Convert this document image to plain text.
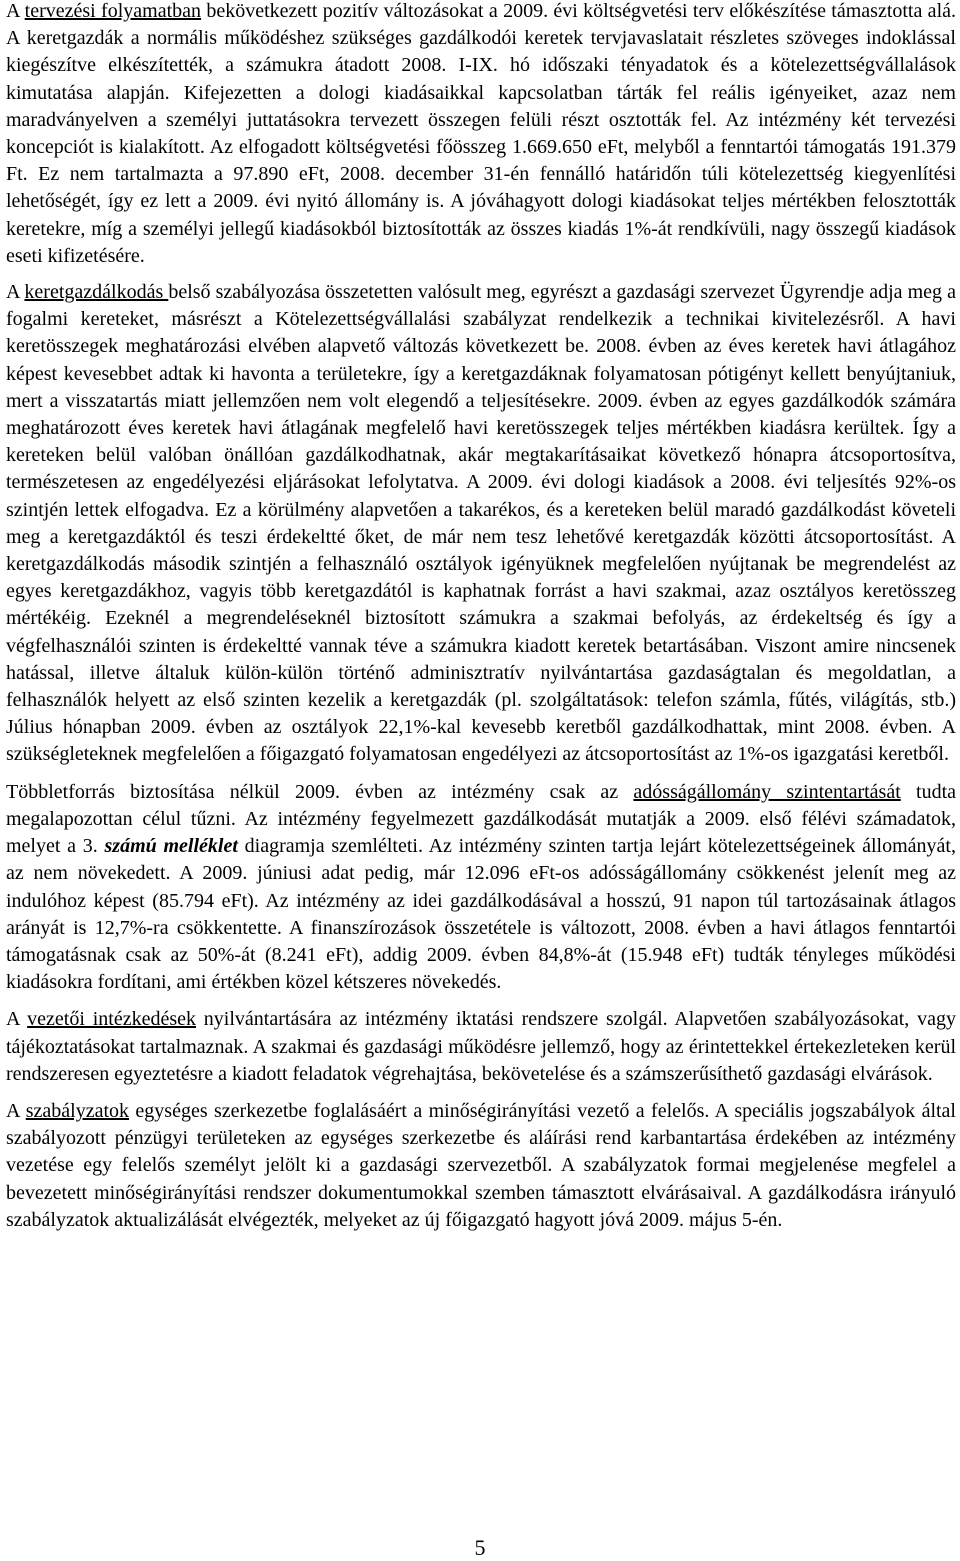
A tervezési folyamatban bekövetkezett pozitív változásokat a 2009. évi költségvetési terv előkészítése támasztotta alá. A keretgazdák a normális működéshez szükséges gazdálkodói keretek tervjavaslatait részletes szöveges indoklással kiegészítve elkészítették, a számukra átadott 2008. I-IX. hó időszaki tényadatok és a kötelezettségvállalások kimutatása alapján. Kifejezetten a dologi kiadásaikkal kapcsolatban tárták fel reális igényeiket, azaz nem maradványelven a személyi juttatásokra tervezett összegen felüli részt osztották fel. Az intézmény két tervezési koncepciót is kialakított. Az elfogadott költségvetési főösszeg 1.669.650 eFt, melyből a fenntartói támogatás 191.379 Ft. Ez nem tartalmazta a 97.890 eFt, 2008. december 31-én fennálló határidőn túli kötelezettség kiegyenlítési lehetőségét, így ez lett a 2009. évi nyitó állomány is. A jóváhagyott dologi kiadásokat teljes mértékben felosztották keretekre, míg a személyi jellegű kiadásokból biztosították az összes kiadás 1%-át rendkívüli, nagy összegű kiadások eseti kifizetésére.

A keretgazdálkodás belső szabályozása összetetten valósult meg, egyrészt a gazdasági szervezet Ügyrendje adja meg a fogalmi kereteket, másrészt a Kötelezettségvállalási szabályzat rendelkezik a technikai kivitelezésről. A havi keretösszegek meghatározási elvében alapvető változás következett be. 2008. évben az éves keretek havi átlagához képest kevesebbet adtak ki havonta a területekre, így a keretgazdáknak folyamatosan pótigényt kellett benyújtaniuk, mert a visszatartás miatt jellemzően nem volt elegendő a teljesítésekre. 2009. évben az egyes gazdálkodók számára meghatározott éves keretek havi átlagának megfelelő havi keretösszegek teljes mértékben kiadásra kerültek. Így a kereteken belül valóban önállóan gazdálkodhatnak, akár megtakarításaikat következő hónapra átcsoportosítva, természetesen az engedélyezési eljárásokat lefolytatva. A 2009. évi dologi kiadások a 2008. évi teljesítés 92%-os szintjén lettek elfogadva. Ez a körülmény alapvetően a takarékos, és a kereteken belül maradó gazdálkodást követeli meg a keretgazdáktól és teszi érdekeltté őket, de már nem tesz lehetővé keretgazdák közötti átcsoportosítást. A keretgazdálkodás második szintjén a felhasználó osztályok igényüknek megfelelően nyújtanak be megrendelést az egyes keretgazdákhoz, vagyis több keretgazdától is kaphatnak forrást a havi szakmai, azaz osztályos keretösszeg mértékéig. Ezeknél a megrendeléseknél biztosított számukra a szakmai befolyás, az érdekeltség és így a végfelhasználói szinten is érdekeltté vannak téve a számukra kiadott keretek betartásában. Viszont amire nincsenek hatással, illetve általuk külön-külön történő adminisztratív nyilvántartása gazdaságtalan és megoldatlan, a felhasználók helyett az első szinten kezelik a keretgazdák (pl. szolgáltatások: telefon számla, fűtés, világítás, stb.) Július hónapban 2009. évben az osztályok 22,1%-kal kevesebb keretből gazdálkodhattak, mint 2008. évben. A szükségleteknek megfelelően a főigazgató folyamatosan engedélyezi az átcsoportosítást az 1%-os igazgatási keretből.

Többletforrás biztosítása nélkül 2009. évben az intézmény csak az adósságállomány szintentartását tudta megalapozottan célul tűzni. Az intézmény fegyelmezett gazdálkodását mutatják a 2009. első félévi számadatok, melyet a 3. számú melléklet diagramja szemlélteti. Az intézmény szinten tartja lejárt kötelezettségeinek állományát, az nem növekedett. A 2009. júniusi adat pedig, már 12.096 eFt-os adósságállomány csökkenést jelenít meg az indulóhoz képest (85.794 eFt). Az intézmény az idei gazdálkodásával a hosszú, 91 napon túl tartozásainak átlagos arányát is 12,7%-ra csökkentette. A finanszírozások összetétele is változott, 2008. évben a havi átlagos fenntartói támogatásnak csak az 50%-át (8.241 eFt), addig 2009. évben 84,8%-át (15.948 eFt) tudták tényleges működési kiadásokra fordítani, ami értékben közel kétszeres növekedés.

A vezetői intézkedések nyilvántartására az intézmény iktatási rendszere szolgál. Alapvetően szabályozásokat, vagy tájékoztatásokat tartalmaznak. A szakmai és gazdasági működésre jellemző, hogy az érintettekkel értekezleteken kerül rendszeresen egyeztetésre a kiadott feladatok végrehajtása, bekövetelése és a számszerűsíthető gazdasági elvárások.

A szabályzatok egységes szerkezetbe foglalásáért a minőségirányítási vezető a felelős. A speciális jogszabályok által szabályozott pénzügyi területeken az egységes szerkezetbe és aláírási rend karbantartása érdekében az intézmény vezetése egy felelős személyt jelölt ki a gazdasági szervezetből. A szabályzatok formai megjelenése megfelel a bevezetett minőségirányítási rendszer dokumentumokkal szemben támasztott elvárásaival. A gazdálkodásra irányuló szabályzatok aktualizálását elvégezték, melyeket az új főigazgató hagyott jóvá 2009. május 5-én.

5
